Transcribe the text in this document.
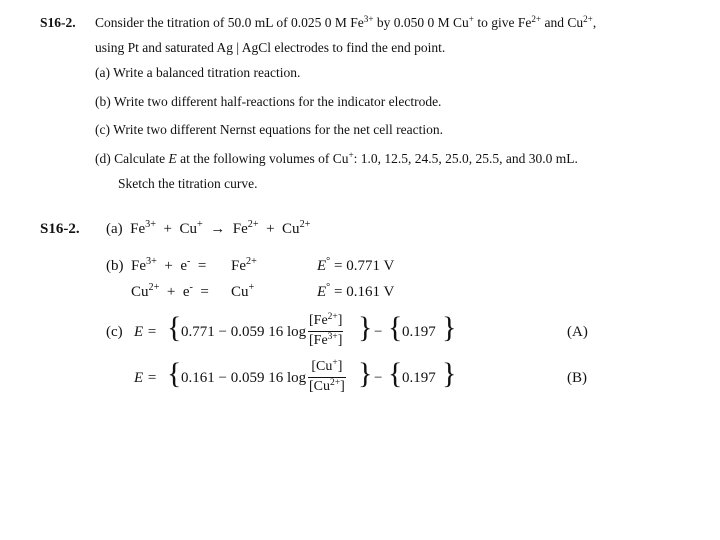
S16-2. Consider the titration of 50.0 mL of 0.025 0 M $Fe^{3+}$ by 0.050 0 M Cu+ to give $Fe^{2+}$ and $Cu^{2+}$,
using Pt and saturated Ag | AgCl electrodes to find the end point.
(a) Write a balanced titration reaction.
(b) Write two different half-reactions for the indicator electrode.
(c) Write two different Nernst equations for the net cell reaction.
(d) Calculate E at the following volumes of Cu+: 1.0, 12.5, 24.5, 25.0, 25.5, and 30.0 mL.
Sketch the titration curve.
S16-2. (a) $Fe^{3+} + Cu^+ \to Fe^{2+} + Cu^{2+}$
(b) $Fe^{3+} + e^- = Fe^{2+}$	E° = 0.771 V
$Cu^{2+} + e^- = Cu^+$	E° = 0.161 V
(c) E = { 0.771 − 0.059 16 $\log \frac{[Fe^{2+}]}{[Fe^{3+}]}$ } − { 0.197 }	(A)
E = { 0.161 − 0.059 16 $\log \frac{[Cu^+]}{[Cu^{2+}]}$ } − { 0.197 }	(B)
